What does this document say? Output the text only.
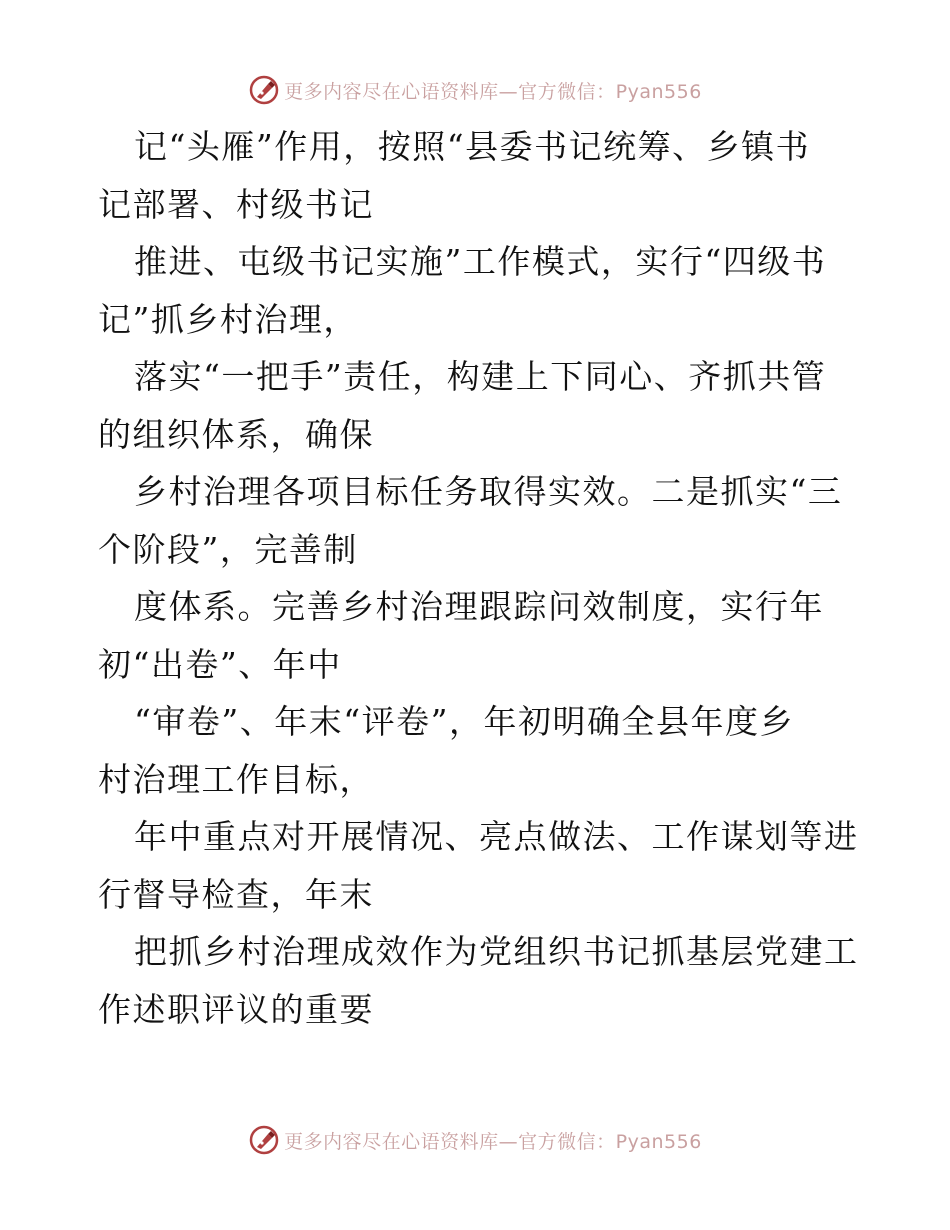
更多内容尽在心语资料库—官方微信：Pyan556
记“头雁”作用，按照“县委书记统筹、乡镇书
记部署、村级书记
推进、屯级书记实施”工作模式，实行“四级书
记”抓乡村治理，
落实“一把手”责任，构建上下同心、齐抓共管
的组织体系，确保
乡村治理各项目标任务取得实效。二是抓实“三
个阶段”，完善制
度体系。完善乡村治理跟踪问效制度，实行年
初“出卷”、年中
“审卷”、年末“评卷”，年初明确全县年度乡
村治理工作目标，
年中重点对开展情况、亮点做法、工作谋划等进
行督导检查，年末
把抓乡村治理成效作为党组织书记抓基层党建工
作述职评议的重要
更多内容尽在心语资料库—官方微信：Pyan556
